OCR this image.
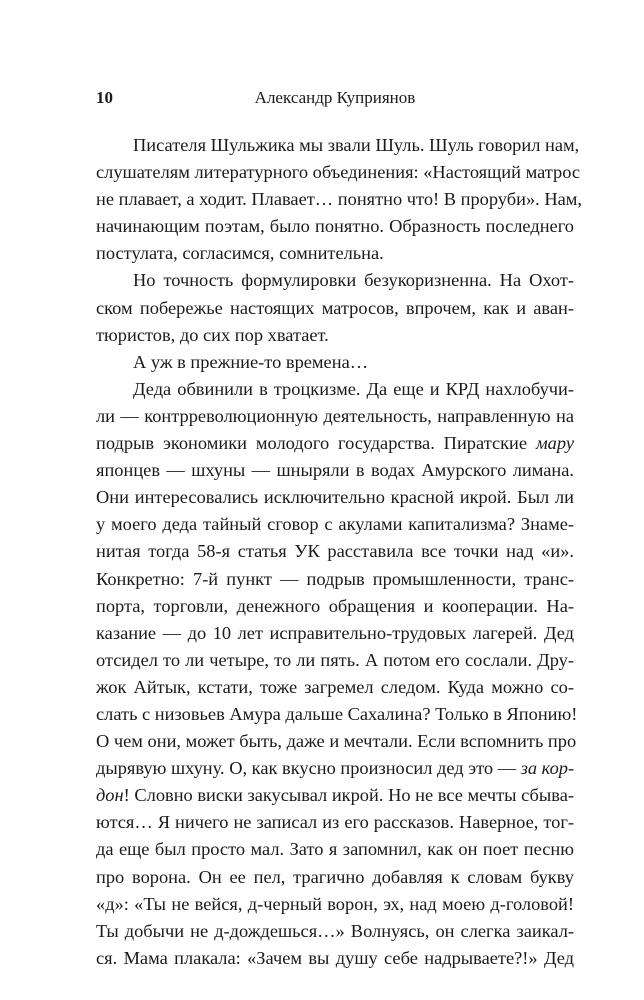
10	Александр Куприянов
Писателя Шульжика мы звали Шуль. Шуль говорил нам,
слушателям литературного объединения: «Настоящий матрос
не плавает, а ходит. Плавает… понятно что! В проруби». Нам,
начинающим поэтам, было понятно. Образность последнего
постулата, согласимся, сомнительна.
Но точность формулировки безукоризненна. На Охот-
ском побережье настоящих матросов, впрочем, как и аван-
тюристов, до сих пор хватает.
А уж в прежние-то времена…
Деда обвинили в троцкизме. Да еще и КРД нахлобучи-
ли — контрреволюционную деятельность, направленную на
подрыв экономики молодого государства. Пиратские мару
японцев — шхуны — шныряли в водах Амурского лимана.
Они интересовались исключительно красной икрой. Был ли
у моего деда тайный сговор с акулами капитализма? Знаме-
нитая тогда 58-я статья УК расставила все точки над «и».
Конкретно: 7-й пункт — подрыв промышленности, транс-
порта, торговли, денежного обращения и кооперации. На-
казание — до 10 лет исправительно-трудовых лагерей. Дед
отсидел то ли четыре, то ли пять. А потом его сослали. Дру-
жок Айтык, кстати, тоже загремел следом. Куда можно со-
слать с низовьев Амура дальше Сахалина? Только в Японию!
О чем они, может быть, даже и мечтали. Если вспомнить про
дырявую шхуну. О, как вкусно произносил дед это — за кор-
дон! Словно виски закусывал икрой. Но не все мечты сбыва-
ются… Я ничего не записал из его рассказов. Наверное, тог-
да еще был просто мал. Зато я запомнил, как он поет песню
про ворона. Он ее пел, трагично добавляя к словам букву
«д»: «Ты не вейся, д-черный ворон, эх, над моею д-головой!
Ты добычи не д-дождешься…» Волнуясь, он слегка заикал-
ся. Мама плакала: «Зачем вы душу себе надрываете?!» Дед
